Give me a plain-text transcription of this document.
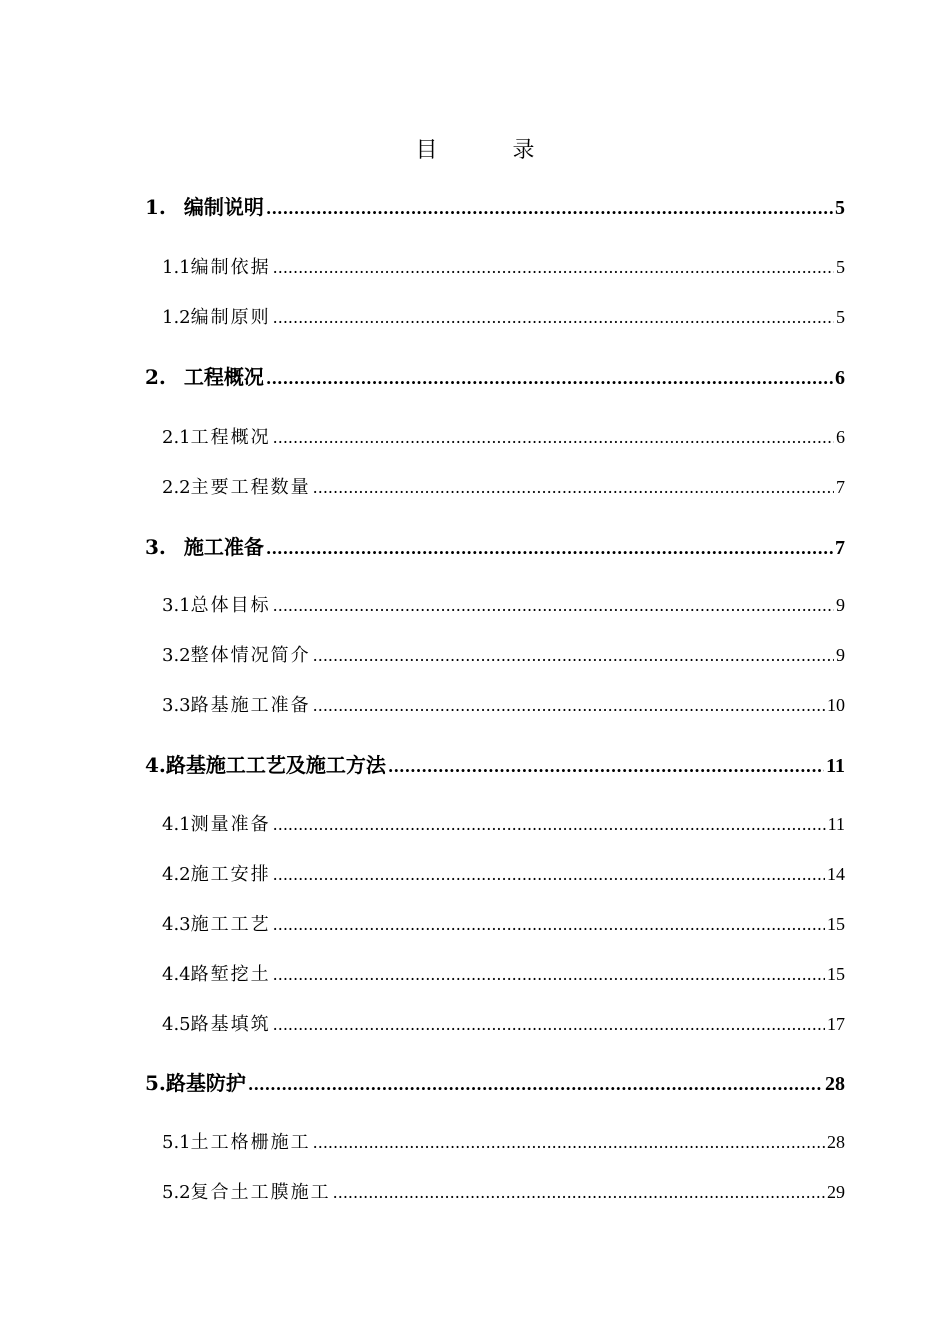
目 录
1. 编制说明 .....	5
1.1 编制依据 .....	5
1.2 编制原则 .....	5
2. 工程概况 .....	6
2.1 工程概况 .....	6
2.2 主要工程数量 .....	7
3. 施工准备 .....	7
3.1 总体目标 .....	9
3.2 整体情况简介 .....	9
3.3 路基施工准备 .....	10
4. 路基施工工艺及施工方法 .....	11
4.1 测量准备 .....	11
4.2 施工安排 .....	14
4.3 施工工艺 .....	15
4.4 路堑挖土 .....	15
4.5 路基填筑 .....	17
5. 路基防护 .....	28
5.1 土工格栅施工 .....	28
5.2 复合土工膜施工 .....	29
